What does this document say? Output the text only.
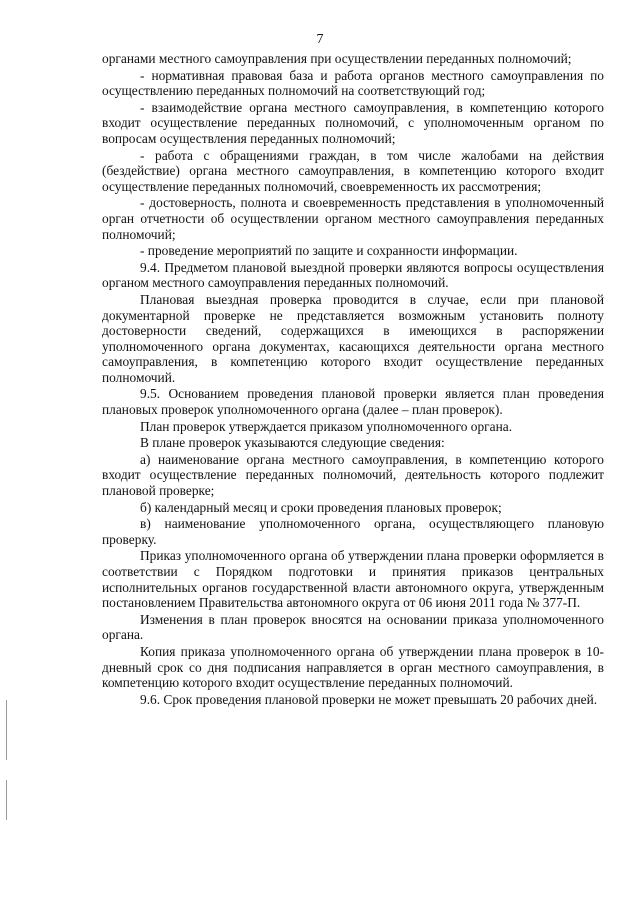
7

органами местного самоуправления при осуществлении переданных полномочий;

- нормативная правовая база и работа органов местного самоуправления по осуществлению переданных полномочий на соответствующий год;

- взаимодействие органа местного самоуправления, в компетенцию которого входит осуществление переданных полномочий, с уполномоченным органом по вопросам осуществления переданных полномочий;

- работа с обращениями граждан, в том числе жалобами на действия (бездействие) органа местного самоуправления, в компетенцию которого входит осуществление переданных полномочий, своевременность их рассмотрения;

- достоверность, полнота и своевременность представления в уполномоченный орган отчетности об осуществлении органом местного самоуправления переданных полномочий;

- проведение мероприятий по защите и сохранности информации.

9.4. Предметом плановой выездной проверки являются вопросы осуществления органом местного самоуправления переданных полномочий.

Плановая выездная проверка проводится в случае, если при плановой документарной проверке не представляется возможным установить полноту достоверности сведений, содержащихся в имеющихся в распоряжении уполномоченного органа документах, касающихся деятельности органа местного самоуправления, в компетенцию которого входит осуществление переданных полномочий.

9.5. Основанием проведения плановой проверки является план проведения плановых проверок уполномоченного органа (далее – план проверок).

План проверок утверждается приказом уполномоченного органа.

В плане проверок указываются следующие сведения:

а) наименование органа местного самоуправления, в компетенцию которого входит осуществление переданных полномочий, деятельность которого подлежит плановой проверке;

б) календарный месяц и сроки проведения плановых проверок;

в) наименование уполномоченного органа, осуществляющего плановую проверку.

Приказ уполномоченного органа об утверждении плана проверки оформляется в соответствии с Порядком подготовки и принятия приказов центральных исполнительных органов государственной власти автономного округа, утвержденным постановлением Правительства автономного округа от 06 июня 2011 года № 377-П.

Изменения в план проверок вносятся на основании приказа уполномоченного органа.

Копия приказа уполномоченного органа об утверждении плана проверок в 10-дневный срок со дня подписания направляется в орган местного самоуправления, в компетенцию которого входит осуществление переданных полномочий.

9.6. Срок проведения плановой проверки не может превышать 20 рабочих дней.
